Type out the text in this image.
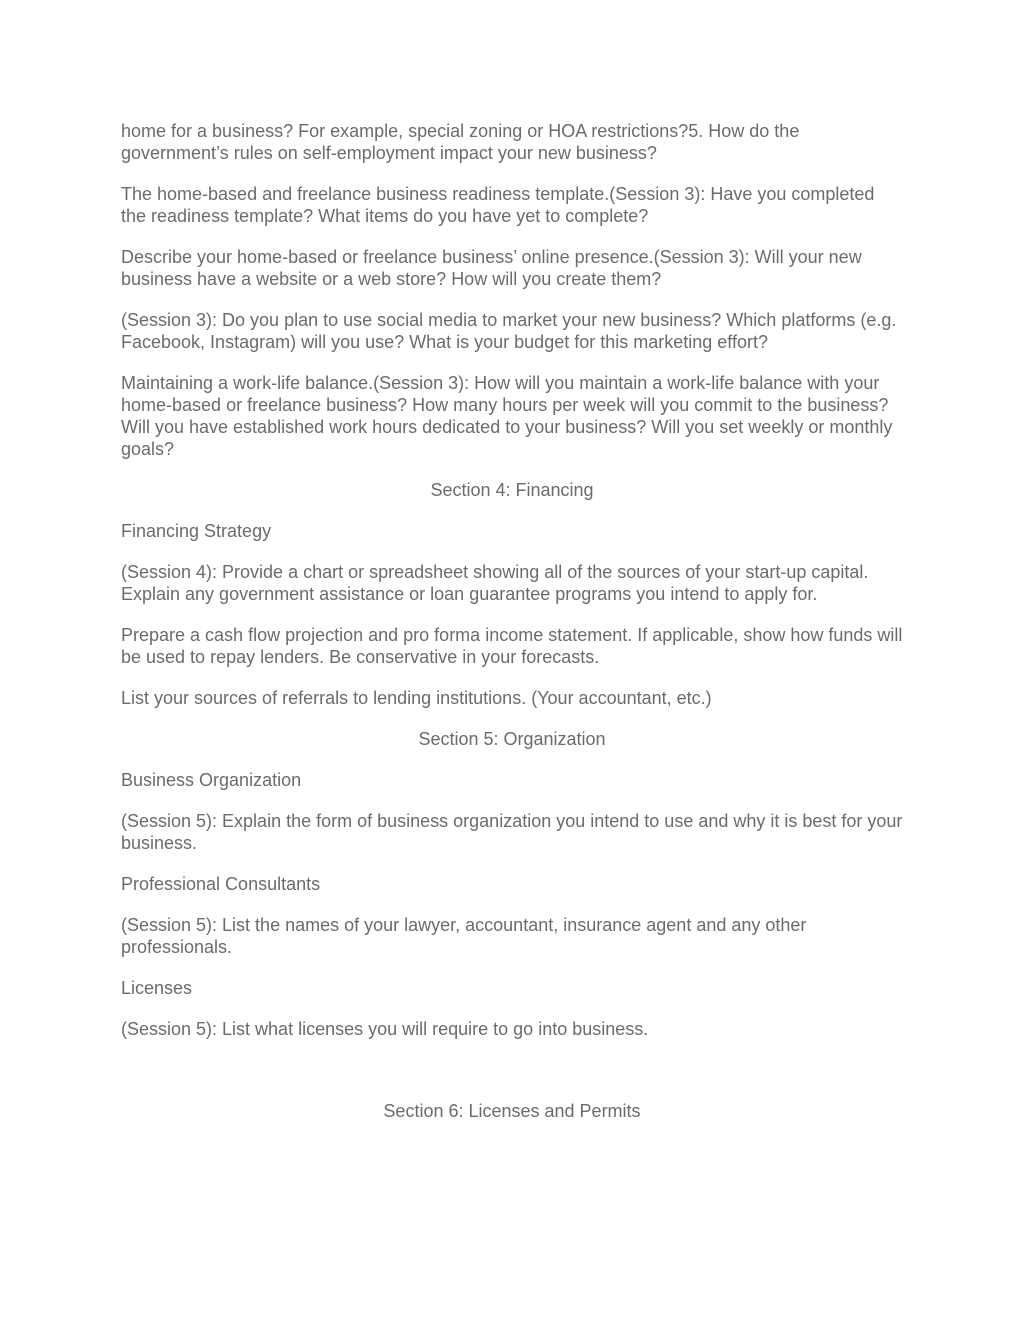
home for a business? For example, special zoning or HOA restrictions?5. How do the government’s rules on self-employment impact your new business?

The home-based and freelance business readiness template.(Session 3): Have you completed the readiness template? What items do you have yet to complete?

Describe your home-based or freelance business’ online presence.(Session 3): Will your new business have a website or a web store? How will you create them?

(Session 3): Do you plan to use social media to market your new business? Which platforms (e.g. Facebook, Instagram) will you use? What is your budget for this marketing effort?

Maintaining a work-life balance.(Session 3): How will you maintain a work-life balance with your home-based or freelance business? How many hours per week will you commit to the business? Will you have established work hours dedicated to your business? Will you set weekly or monthly goals?

Section 4: Financing

Financing Strategy

(Session 4): Provide a chart or spreadsheet showing all of the sources of your start-up capital. Explain any government assistance or loan guarantee programs you intend to apply for.

Prepare a cash flow projection and pro forma income statement. If applicable, show how funds will be used to repay lenders. Be conservative in your forecasts.

List your sources of referrals to lending institutions. (Your accountant, etc.)

Section 5: Organization

Business Organization

(Session 5): Explain the form of business organization you intend to use and why it is best for your business.

Professional Consultants

(Session 5): List the names of your lawyer, accountant, insurance agent and any other professionals.

Licenses

(Session 5): List what licenses you will require to go into business.

Section 6: Licenses and Permits
